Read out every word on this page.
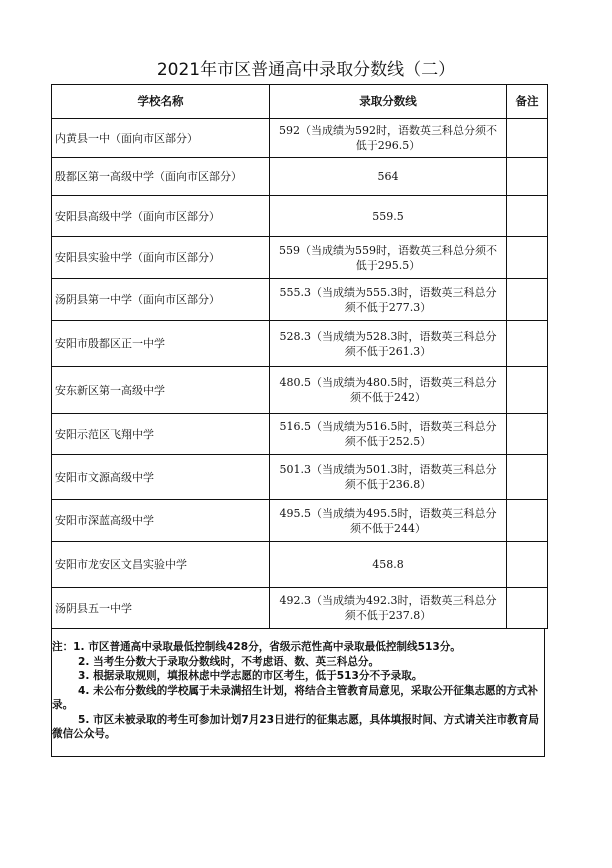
2021年市区普通高中录取分数线（二）
学校名称	录取分数线	备注
内黄县一中（面向市区部分）	592（当成绩为592时，语数英三科总分须不低于296.5）	
殷都区第一高级中学（面向市区部分）	564	
安阳县高级中学（面向市区部分）	559.5	
安阳县实验中学（面向市区部分）	559（当成绩为559时，语数英三科总分须不低于295.5）	
汤阴县第一中学（面向市区部分）	555.3（当成绩为555.3时，语数英三科总分须不低于277.3）	
安阳市殷都区正一中学	528.3（当成绩为528.3时，语数英三科总分须不低于261.3）	
安东新区第一高级中学	480.5（当成绩为480.5时，语数英三科总分须不低于242）	
安阳示范区飞翔中学	516.5（当成绩为516.5时，语数英三科总分须不低于252.5）	
安阳市文源高级中学	501.3（当成绩为501.3时，语数英三科总分须不低于236.8）	
安阳市深蓝高级中学	495.5（当成绩为495.5时，语数英三科总分须不低于244）	
安阳市龙安区文昌实验中学	458.8	
汤阴县五一中学	492.3（当成绩为492.3时，语数英三科总分须不低于237.8）	

注：1. 市区普通高中录取最低控制线428分，省级示范性高中录取最低控制线513分。

2. 当考生分数大于录取分数线时，不考虑语、数、英三科总分。

3. 根据录取规则，填报林虑中学志愿的市区考生，低于513分不予录取。

4. 未公布分数线的学校属于未录满招生计划，将结合主管教育局意见，采取公开征集志愿的方式补录。

5. 市区未被录取的考生可参加计划7月23日进行的征集志愿，具体填报时间、方式请关注市教育局微信公众号。
